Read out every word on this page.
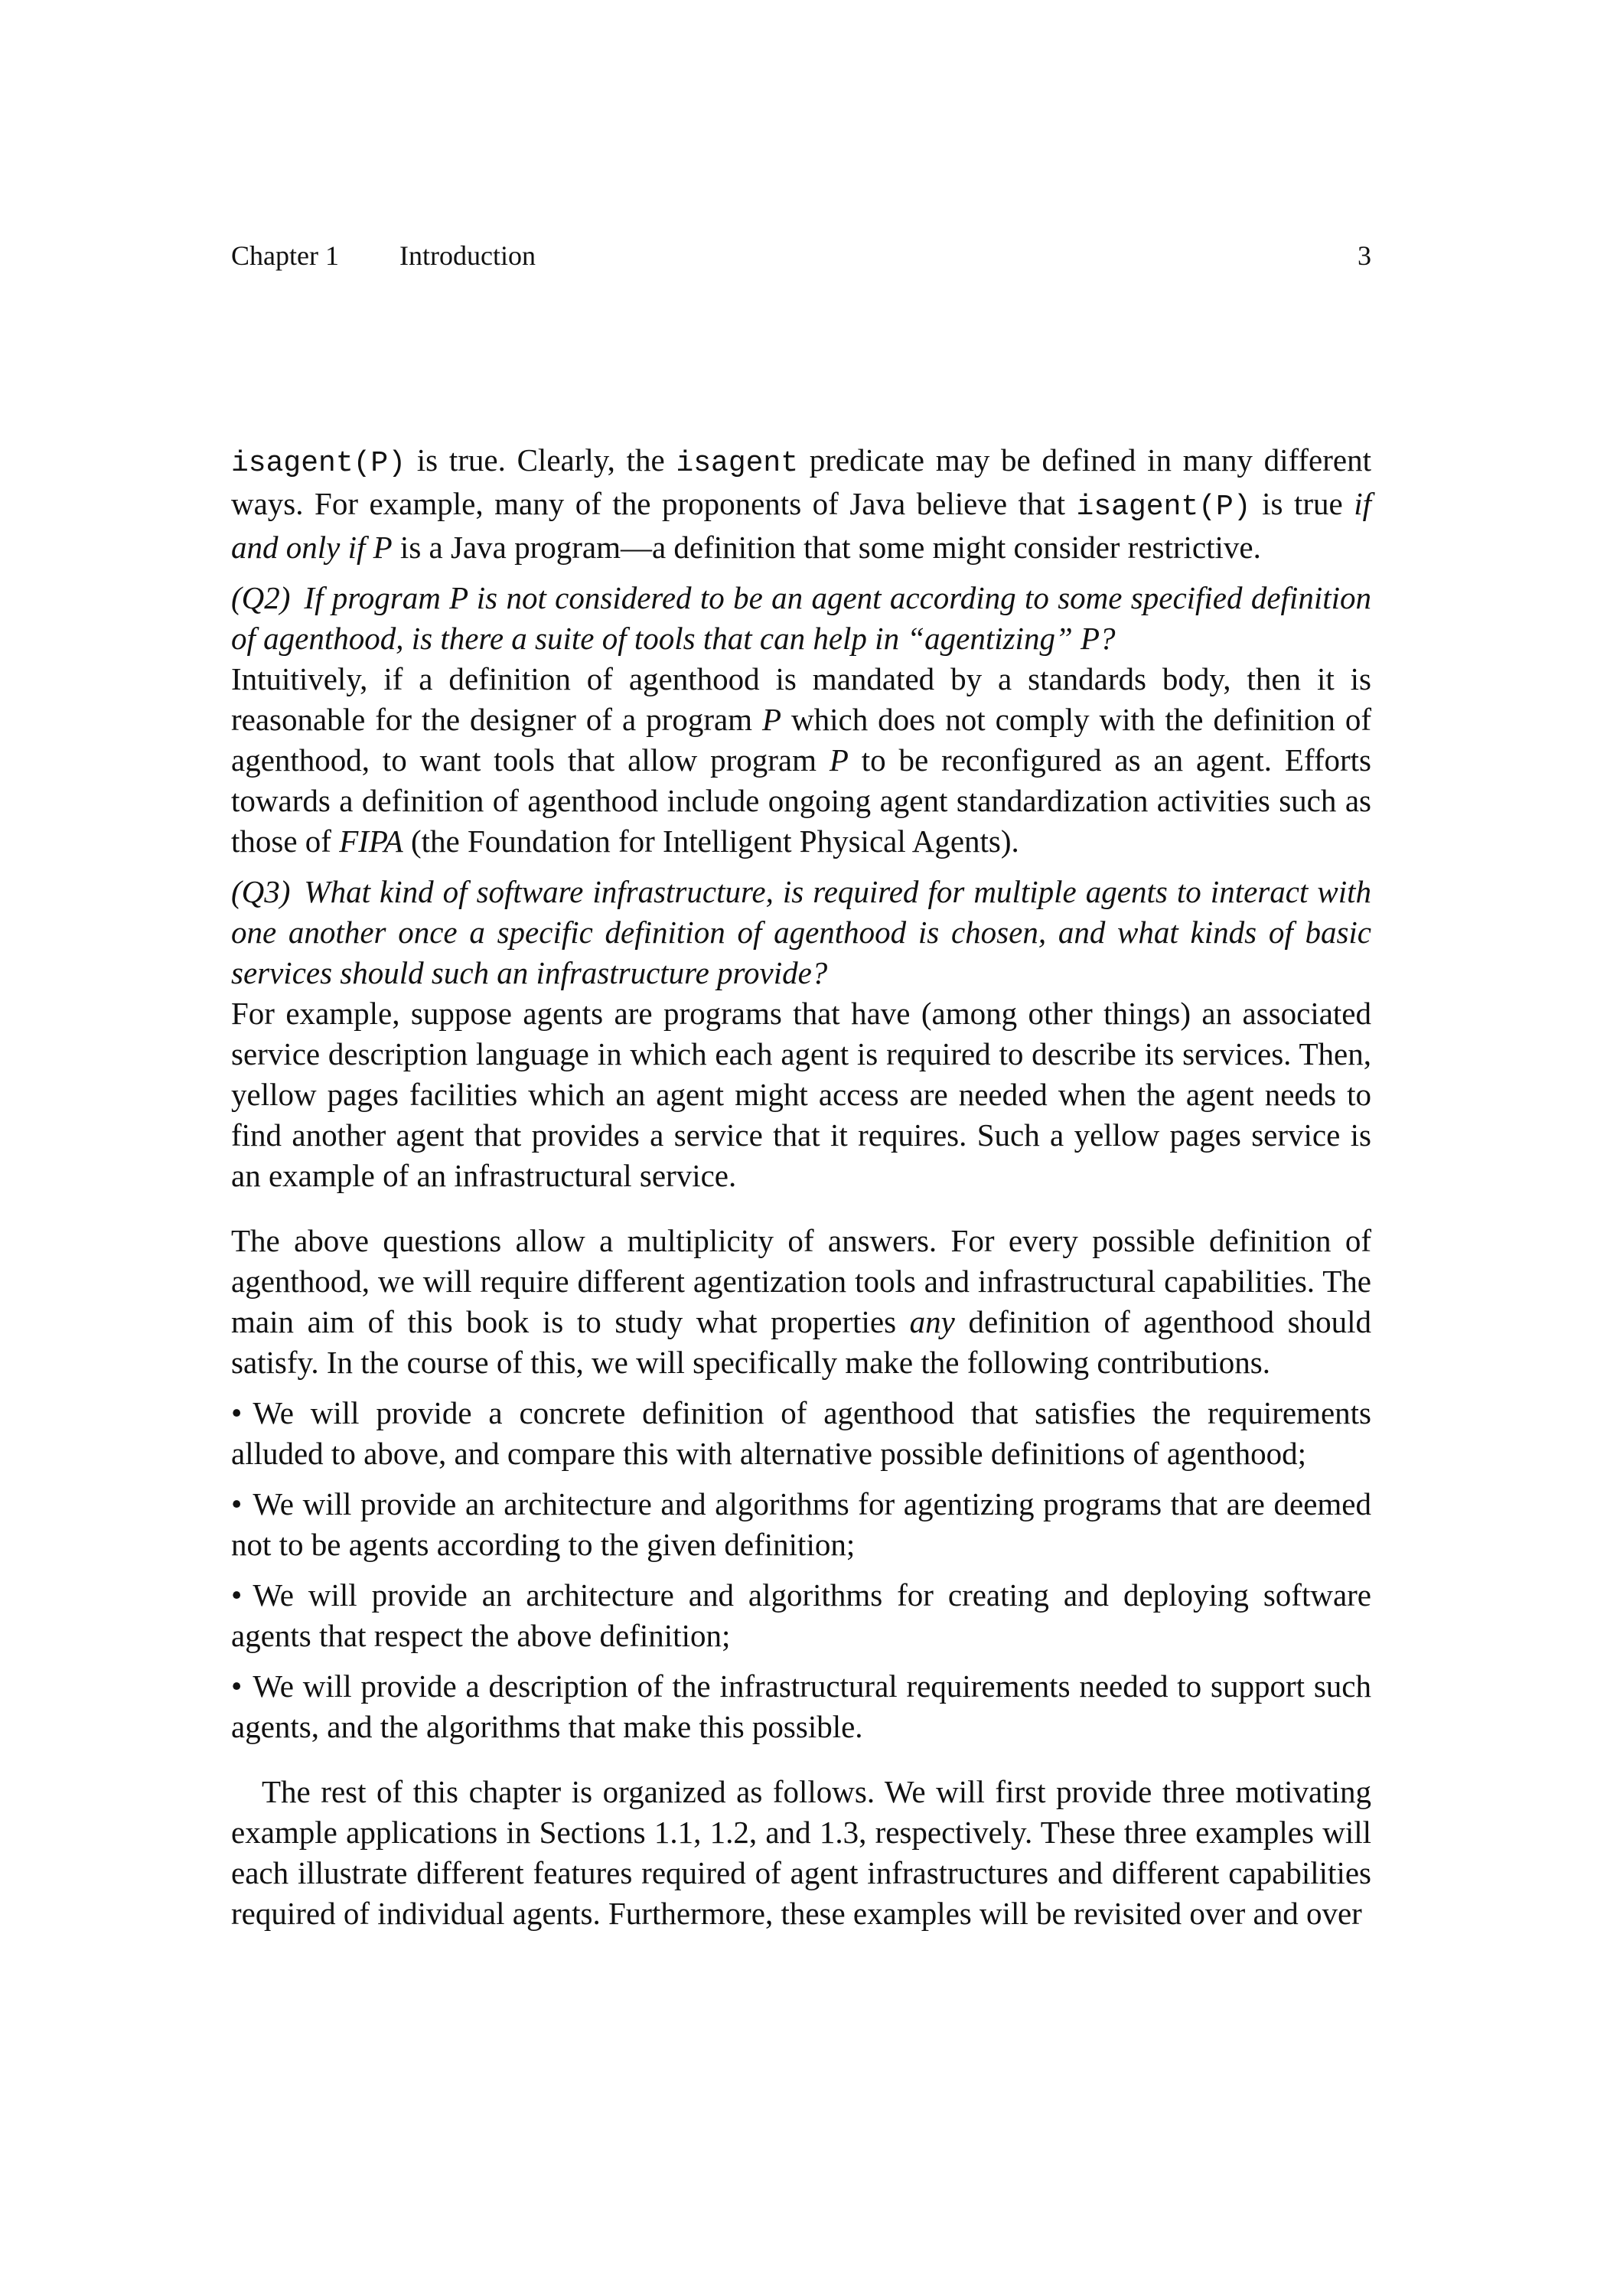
Chapter 1 Introduction	3

isagent(P) is true. Clearly, the isagent predicate may be defined in many different ways. For example, many of the proponents of Java believe that isagent(P) is true if and only if P is a Java program—a definition that some might consider restrictive.

(Q2) If program P is not considered to be an agent according to some specified definition of agenthood, is there a suite of tools that can help in “agentizing” P?

Intuitively, if a definition of agenthood is mandated by a standards body, then it is reasonable for the designer of a program P which does not comply with the definition of agenthood, to want tools that allow program P to be reconfigured as an agent. Efforts towards a definition of agenthood include ongoing agent standardization activities such as those of FIPA (the Foundation for Intelligent Physical Agents).

(Q3) What kind of software infrastructure, is required for multiple agents to interact with one another once a specific definition of agenthood is chosen, and what kinds of basic services should such an infrastructure provide?

For example, suppose agents are programs that have (among other things) an associated service description language in which each agent is required to describe its services. Then, yellow pages facilities which an agent might access are needed when the agent needs to find another agent that provides a service that it requires. Such a yellow pages service is an example of an infrastructural service.

The above questions allow a multiplicity of answers. For every possible definition of agenthood, we will require different agentization tools and infrastructural capabilities. The main aim of this book is to study what properties any definition of agenthood should satisfy. In the course of this, we will specifically make the following contributions.

• We will provide a concrete definition of agenthood that satisfies the requirements alluded to above, and compare this with alternative possible definitions of agenthood;

• We will provide an architecture and algorithms for agentizing programs that are deemed not to be agents according to the given definition;

• We will provide an architecture and algorithms for creating and deploying software agents that respect the above definition;

• We will provide a description of the infrastructural requirements needed to support such agents, and the algorithms that make this possible.

The rest of this chapter is organized as follows. We will first provide three motivating example applications in Sections 1.1, 1.2, and 1.3, respectively. These three examples will each illustrate different features required of agent infrastructures and different capabilities required of individual agents. Furthermore, these examples will be revisited over and over
